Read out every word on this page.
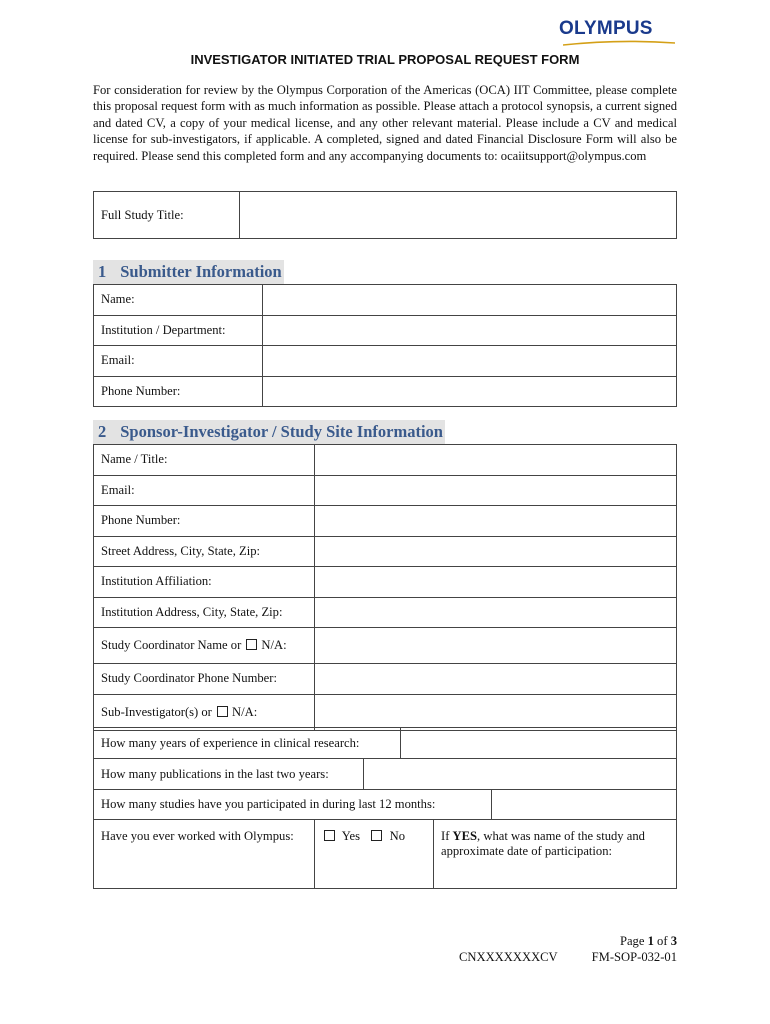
OLYMPUS
INVESTIGATOR INITIATED TRIAL PROPOSAL REQUEST FORM

For consideration for review by the Olympus Corporation of the Americas (OCA) IIT Committee, please complete this proposal request form with as much information as possible. Please attach a protocol synopsis, a current signed and dated CV, a copy of your medical license, and any other relevant material. Please include a CV and medical license for sub-investigators, if applicable. A completed, signed and dated Financial Disclosure Form will also be required. Please send this completed form and any accompanying documents to: ocaiitsupport@olympus.com

Full Study Title:	
1 Submitter Information
Name:	
Institution / Department:	
Email:	
Phone Number:	
2 Sponsor-Investigator / Study Site Information
Name / Title:	
Email:	
Phone Number:	
Street Address, City, State, Zip:	
Institution Affiliation:	
Institution Address, City, State, Zip:	
Study Coordinator Name or N/A:	
Study Coordinator Phone Number:	
Sub-Investigator(s) or N/A:	
How many years of experience in clinical research:	
How many publications in the last two years:	
How many studies have you participated in during last 12 months:	
Have you ever worked with Olympus:	Yes No	If YES, what was name of the study and approximate date of participation:
Page 1 of 3
CNXXXXXXXCV	FM-SOP-032-01
